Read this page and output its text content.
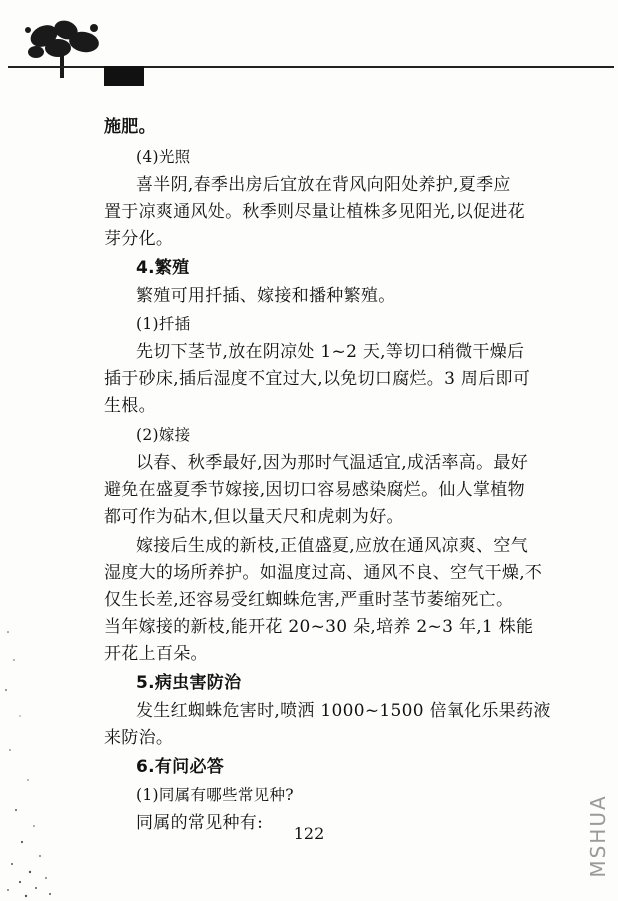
施肥。
(4)光照
喜半阴,春季出房后宜放在背风向阳处养护,夏季应
置于凉爽通风处。秋季则尽量让植株多见阳光,以促进花
芽分化。
4.繁殖
繁殖可用扦插、嫁接和播种繁殖。
(1)扦插
先切下茎节,放在阴凉处 1~2 天,等切口稍微干燥后
插于砂床,插后湿度不宜过大,以免切口腐烂。3 周后即可
生根。
(2)嫁接
以春、秋季最好,因为那时气温适宜,成活率高。最好
避免在盛夏季节嫁接,因切口容易感染腐烂。仙人掌植物
都可作为砧木,但以量天尺和虎刺为好。
嫁接后生成的新枝,正值盛夏,应放在通风凉爽、空气
湿度大的场所养护。如温度过高、通风不良、空气干燥,不
仅生长差,还容易受红蜘蛛危害,严重时茎节萎缩死亡。
当年嫁接的新枝,能开花 20~30 朵,培养 2~3 年,1 株能
开花上百朵。
5.病虫害防治
发生红蜘蛛危害时,喷洒 1000~1500 倍氧化乐果药液
来防治。
6.有问必答
(1)同属有哪些常见种?
同属的常见种有:
122	MSHUA
